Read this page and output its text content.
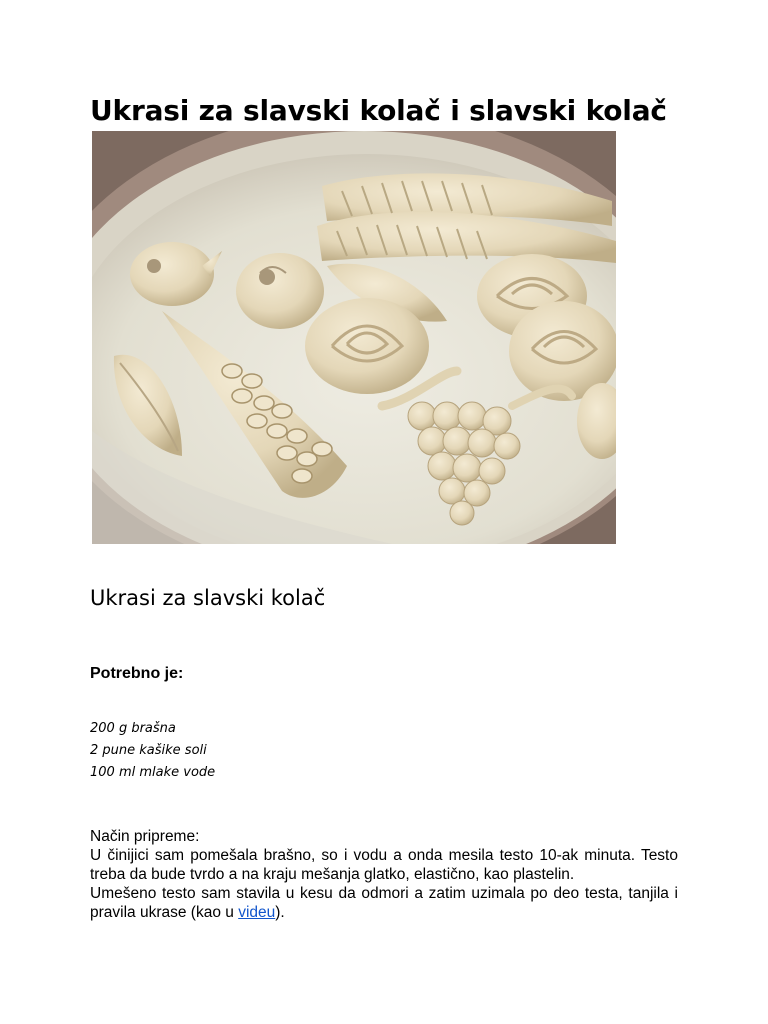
Ukrasi za slavski kolač i slavski kolač
Ukrasi za slavski kolač
Potrebno je:
200 g brašna
2 pune kašike soli
100 ml mlake vode

Način pripreme:

U činijici sam pomešala brašno, so i vodu a onda mesila testo 10-ak minuta. Testo treba da bude tvrdo a na kraju mešanja glatko, elastično, kao plastelin.

Umešeno testo sam stavila u kesu da odmori a zatim uzimala po deo testa, tanjila i pravila ukrase (kao u videu).
